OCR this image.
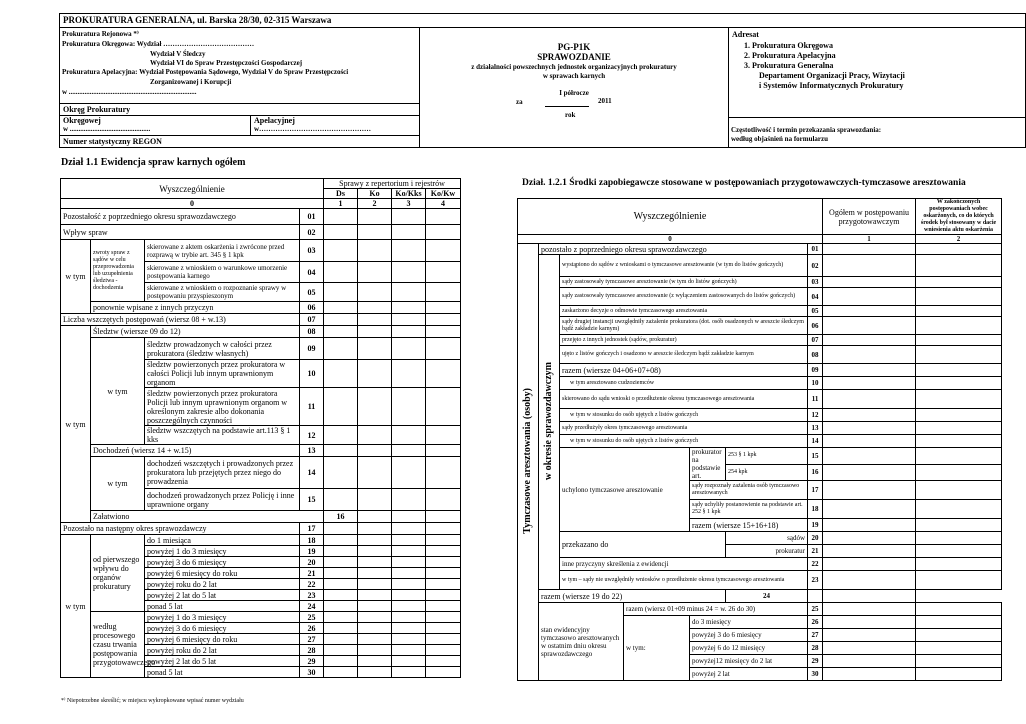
PROKURATURA GENERALNA, ul. Barska 28/30, 02-315 Warszawa
Prokuratura Rejonowa *⁾
Prokuratura Okręgowa: Wydział …………………………………
Wydział V Śledczy
Wydział VI do Spraw Przestępczości Gospodarczej
Prokuratura Apelacyjna: Wydział Postępowania Sądowego, Wydział V do Spraw Przestępczości
Zorganizowanej i Korupcji
w .........................................................................
Okręg Prokuratury
Okręgowej
w ..............................................
Apelacyjnej
w…………………………………………
Numer statystyczny REGON
PG-P1K
SPRAWOZDANIE
z działalności powszechnych jednostek organizacyjnych prokuratury
w sprawach karnych
I półrocze
za	2011
rok
Adresat
1. Prokuratura Okręgowa
2. Prokuratura Apelacyjna
3. Prokuratura Generalna
Departament Organizacji Pracy, Wizytacji
i Systemów Informatycznych Prokuratury
Częstotliwość i termin przekazania sprawozdania:
według objaśnień na formularzu
Dział 1.1 Ewidencja spraw karnych ogółem
Wyszczególnienie				Sprawy z repertorium i rejestrów				
				Ds	Ko	Ko/Kks	Ko/Kw	
0				1	2	3	4	
Pozostałość z poprzedniego okresu sprawozdawczego			01					
Wpływ spraw			02					
w tym	zwroty spraw z sądów w celu przeprowadzenia lub uzupełnienia śledztwa - dochodzenia	skierowane z aktem oskarżenia i zwrócone przed rozprawą w trybie art. 345 § 1 kpk	03					
		skierowane z wnioskiem o warunkowe umorzenie postępowania karnego	04					
		skierowane z wnioskiem o rozpoznanie sprawy w postępowaniu przyspieszonym	05					
	ponownie wpisane z innych przyczyn		06					
Liczba wszczętych postępowań (wiersz 08 + w.13)			07					
w tym	Śledztw (wiersze 09 do 12)		08					
	w tym	śledztw prowadzonych w całości przez prokuratora (śledztw własnych)	09					
		śledztw powierzonych przez prokuratora w całości Policji lub innym uprawnionym organom	10					
		śledztw powierzonych przez prokuratora Policji lub innym uprawnionym organom w określonym zakresie albo dokonania poszczególnych czynności	11					
		śledztw wszczętych na podstawie art.113 § 1 kks	12					
	Dochodzeń (wiersz 14 + w.15)		13					
	w tym	dochodzeń wszczętych i prowadzonych przez prokuratora lub przejętych przez niego do prowadzenia	14					
		dochodzeń prowadzonych przez Policję i inne uprawnione organy	15					
	Załatwiono			16				
Pozostało na następny okres sprawozdawczy			17					
w tym	od pierwszego wpływu do organów prokuratury	do 1 miesiąca	18					
		powyżej 1 do 3 miesięcy	19					
		powyżej 3 do 6 miesięcy	20					
		powyżej 6 miesięcy do roku	21					
		powyżej roku do 2 lat	22					
		powyżej 2 lat do 5 lat	23					
		ponad 5 lat	24					
	według procesowego czasu trwania postępowania przygotowawczego	powyżej 1 do 3 miesięcy	25					
		powyżej 3 do 6 miesięcy	26					
		powyżej 6 miesięcy do roku	27					
		powyżej roku do 2 lat	28					
		powyżej 2 lat do 5 lat	29					
		ponad 5 lat	30					
*⁾ Niepotrzebne skreślić; w miejscu wykropkowane wpisać numer wydziału
Dział. 1.2.1 Środki zapobiegawcze stosowane w postępowaniach przygotowawczych-tymczasowe aresztowania
Wyszczególnienie							Ogółem w postępowaniu przygotowawczym	W zakończonych postępowaniach wobec oskarżonych, co do których środek był stosowany w dacie wniesienia aktu oskarżenia
0							1	2
Tymczasowe aresztowania (osoby)	pozostało z poprzedniego okresu sprawozdawczego					01		
	w okresie sprawozdawczym	wystąpiono do sądów z wnioskami o tymczasowe aresztowanie (w tym do listów gończych)				02		
		sądy zastosowały tymczasowe aresztowanie (w tym do listów gończych)				03		
		sądy zastosowały tymczasowe aresztowanie (z wyłączeniem zastosowanych do listów gończych)				04		
		zaskarżono decyzje o odmowie tymczasowego aresztowania				05		
		sądy drugiej instancji uwzględniły zażalenie prokuratora (dot. osób osadzonych w areszcie śledczym bądź zakładzie karnym)				06		
		przejęto z innych jednostek (sądów, prokuratur)				07		
		ujęto z listów gończych i osadzono w areszcie śledczym bądź zakładzie karnym				08		
		razem (wiersze 04+06+07+08)				09		
		w tym aresztowano cudzoziemców				10		
		skierowano do sądu wnioski o przedłużenie okresu tymczasowego aresztowania				11		
		w tym w stosunku do osób ujętych z listów gończych				12		
		sądy przedłużyły okres tymczasowego aresztowania				13		
		w tym w stosunku do osób ujętych z listów gończych				14		
		uchylono tymczasowe aresztowanie		prokurator na podstawie art.	253 § 1 kpk	15		
					254 kpk	16		
				sądy rozpoznały zażalenia osób tymczasowo aresztowanych		17		
				sądy uchyliły postanowienie na podstawie art. 252 § 1 kpk		18		
				razem (wiersze 15+16+18)		19		
		przekazano do			sądów	20		
					prokuratur	21		
		inne przyczyny skreślenia z ewidencji				22		
		w tym – sądy nie uwzględniły wniosków o przedłużenie okresu tymczasowego aresztowania				23		
	razem (wiersze 19 do 22)				24			
	stan ewidencyjny tymczasowo aresztowanych w ostatnim dniu okresu sprawozdawczego		razem (wiersz 01+09 minus 24 = w. 26 do 30)			25		
			w tym:	do 3 miesięcy		26		
				powyżej 3 do 6 miesięcy		27		
				powyżej 6 do 12 miesięcy		28		
				powyżej12 miesięcy do 2 lat		29		
				powyżej 2 lat		30		
